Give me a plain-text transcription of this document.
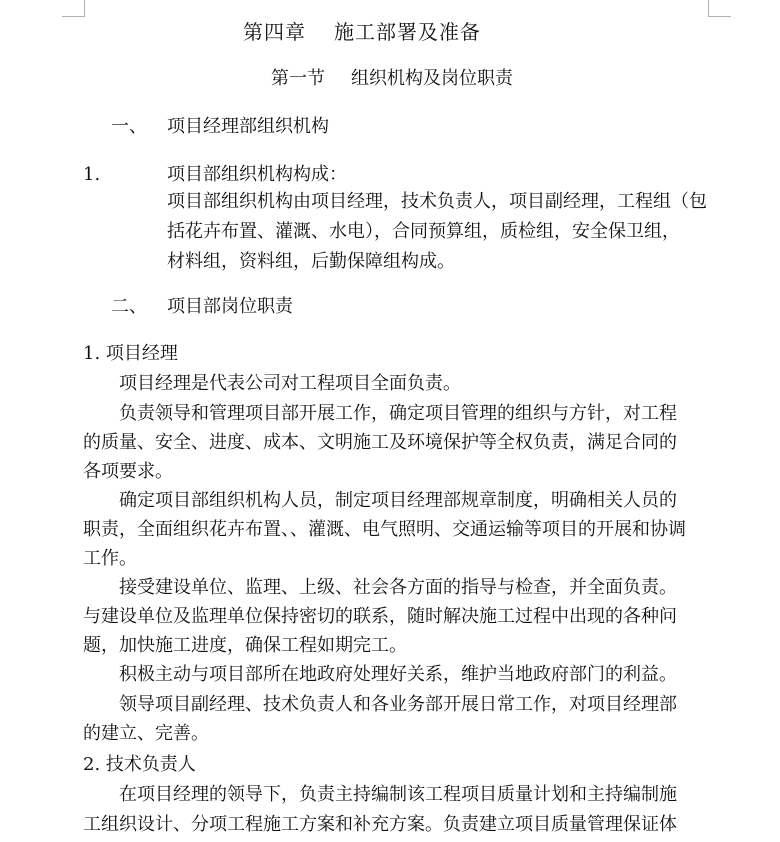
第四章 施工部署及准备
第一节 组织机构及岗位职责
一、 项目经理部组织机构
1.	项目部组织机构构成：
项目部组织机构由项目经理，技术负责人，项目副经理，工程组（包
括花卉布置、灌溉、水电），合同预算组，质检组，安全保卫组，
材料组，资料组，后勤保障组构成。
二、 项目部岗位职责
1. 项目经理
项目经理是代表公司对工程项目全面负责。
负责领导和管理项目部开展工作，确定项目管理的组织与方针，对工程
的质量、安全、进度、成本、文明施工及环境保护等全权负责，满足合同的
各项要求。
确定项目部组织机构人员，制定项目经理部规章制度，明确相关人员的
职责，全面组织花卉布置、、灌溉、电气照明、交通运输等项目的开展和协调
工作。
接受建设单位、监理、上级、社会各方面的指导与检查，并全面负责。
与建设单位及监理单位保持密切的联系，随时解决施工过程中出现的各种问
题，加快施工进度，确保工程如期完工。
积极主动与项目部所在地政府处理好关系，维护当地政府部门的利益。
领导项目副经理、技术负责人和各业务部开展日常工作，对项目经理部
的建立、完善。
2. 技术负责人
在项目经理的领导下，负责主持编制该工程项目质量计划和主持编制施
工组织设计、分项工程施工方案和补充方案。负责建立项目质量管理保证体
